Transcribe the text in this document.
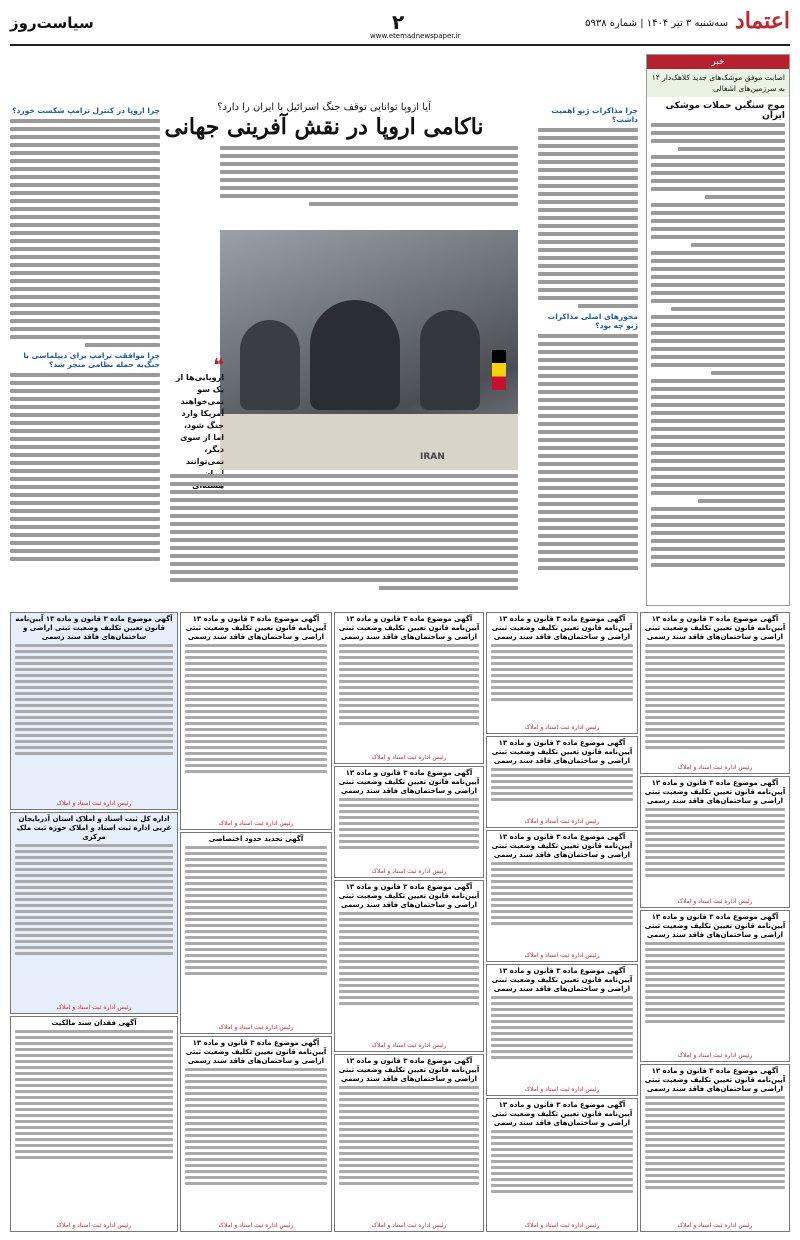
اعتماد
سه‌شنبه ۳ تیر ۱۴۰۴ | شماره ۵۹۳۸
۲
www.etemadnewspaper.ir
سیاست‌روز
خبر
اصابت موفق موشک‌های جدید کلاهک‌دار ۱۴ به سرزمین‌های اشغالی
موج سنگین حملات موشکی ایران
آیا اروپا توانایی توقف جنگ اسرائیل با ایران را دارد؟
ناکامی اروپا در نقش آفرینی جهانی
IRAN
❝
اروپایی‌ها از یک سو نمی‌خواهند آمریکا وارد جنگ شود، اما از سوی دیگر، نمی‌توانند
چرا مذاکرات ژنو اهمیت داشت؟
محورهای اصلی مذاکرات ژنو چه بود؟
چرا اروپا در کنترل ترامپ شکست خورد؟
چرا موافقت ترامپ برای دیپلماسی با جنگ‌به حمله نظامی منجر شد؟
آگهی موضوع ماده ۳ قانون و ماده ۱۳ آیین‌نامه قانون تعیین تکلیف وضعیت ثبتی اراضی و ساختمان‌های فاقد سند رسمی
رئیس اداره ثبت اسناد و املاک
آگهی موضوع ماده ۳ قانون و ماده ۱۳ آیین‌نامه قانون تعیین تکلیف وضعیت ثبتی اراضی و ساختمان‌های فاقد سند رسمی
رئیس اداره ثبت اسناد و املاک
آگهی موضوع ماده ۳ قانون و ماده ۱۳ آیین‌نامه قانون تعیین تکلیف وضعیت ثبتی اراضی و ساختمان‌های فاقد سند رسمی
رئیس اداره ثبت اسناد و املاک
آگهی موضوع ماده ۳ قانون و ماده ۱۳ آیین‌نامه قانون تعیین تکلیف وضعیت ثبتی اراضی و ساختمان‌های فاقد سند رسمی
رئیس اداره ثبت اسناد و املاک
آگهی موضوع ماده ۳ قانون و ماده ۱۳ آیین‌نامه قانون تعیین تکلیف وضعیت ثبتی اراضی و ساختمان‌های فاقد سند رسمی
رئیس اداره ثبت اسناد و املاک
آگهی موضوع ماده ۳ قانون و ماده ۱۳ آیین‌نامه قانون تعیین تکلیف وضعیت ثبتی اراضی و ساختمان‌های فاقد سند رسمی
رئیس اداره ثبت اسناد و املاک
آگهی موضوع ماده ۳ قانون و ماده ۱۳ آیین‌نامه قانون تعیین تکلیف وضعیت ثبتی اراضی و ساختمان‌های فاقد سند رسمی
رئیس اداره ثبت اسناد و املاک
آگهی موضوع ماده ۳ قانون و ماده ۱۳ آیین‌نامه قانون تعیین تکلیف وضعیت ثبتی اراضی و ساختمان‌های فاقد سند رسمی
رئیس اداره ثبت اسناد و املاک
آگهی موضوع ماده ۳ قانون و ماده ۱۳ آیین‌نامه قانون تعیین تکلیف وضعیت ثبتی اراضی و ساختمان‌های فاقد سند رسمی
رئیس اداره ثبت اسناد و املاک
آگهی موضوع ماده ۳ قانون و ماده ۱۳ آیین‌نامه قانون تعیین تکلیف وضعیت ثبتی اراضی و ساختمان‌های فاقد سند رسمی
رئیس اداره ثبت اسناد و املاک
آگهی موضوع ماده ۳ قانون و ماده ۱۳ آیین‌نامه قانون تعیین تکلیف وضعیت ثبتی اراضی و ساختمان‌های فاقد سند رسمی
رئیس اداره ثبت اسناد و املاک
آگهی موضوع ماده ۳ قانون و ماده ۱۳ آیین‌نامه قانون تعیین تکلیف وضعیت ثبتی اراضی و ساختمان‌های فاقد سند رسمی
رئیس اداره ثبت اسناد و املاک
آگهی موضوع ماده ۳ قانون و ماده ۱۳ آیین‌نامه قانون تعیین تکلیف وضعیت ثبتی اراضی و ساختمان‌های فاقد سند رسمی
رئیس اداره ثبت اسناد و املاک
آگهی موضوع ماده ۳ قانون و ماده ۱۳ آیین‌نامه قانون تعیین تکلیف وضعیت ثبتی اراضی و ساختمان‌های فاقد سند رسمی
رئیس اداره ثبت اسناد و املاک
آگهی تحدید حدود اختصاصی
رئیس اداره ثبت اسناد و املاک
آگهی موضوع ماده ۳ قانون و ماده ۱۳ آیین‌نامه قانون تعیین تکلیف وضعیت ثبتی اراضی و ساختمان‌های فاقد سند رسمی
رئیس اداره ثبت اسناد و املاک
آگهی موضوع ماده ۳ قانون و ماده ۱۳ آیین‌نامه قانون تعیین تکلیف وضعیت ثبتی اراضی و ساختمان‌های فاقد سند رسمی
رئیس اداره ثبت اسناد و املاک
اداره کل ثبت اسناد و املاک استان آذربایجان غربی اداره ثبت اسناد و املاک حوزه ثبت ملک مرکزی
رئیس اداره ثبت اسناد و املاک
آگهی فقدان سند مالکیت
رئیس اداره ثبت اسناد و املاک
